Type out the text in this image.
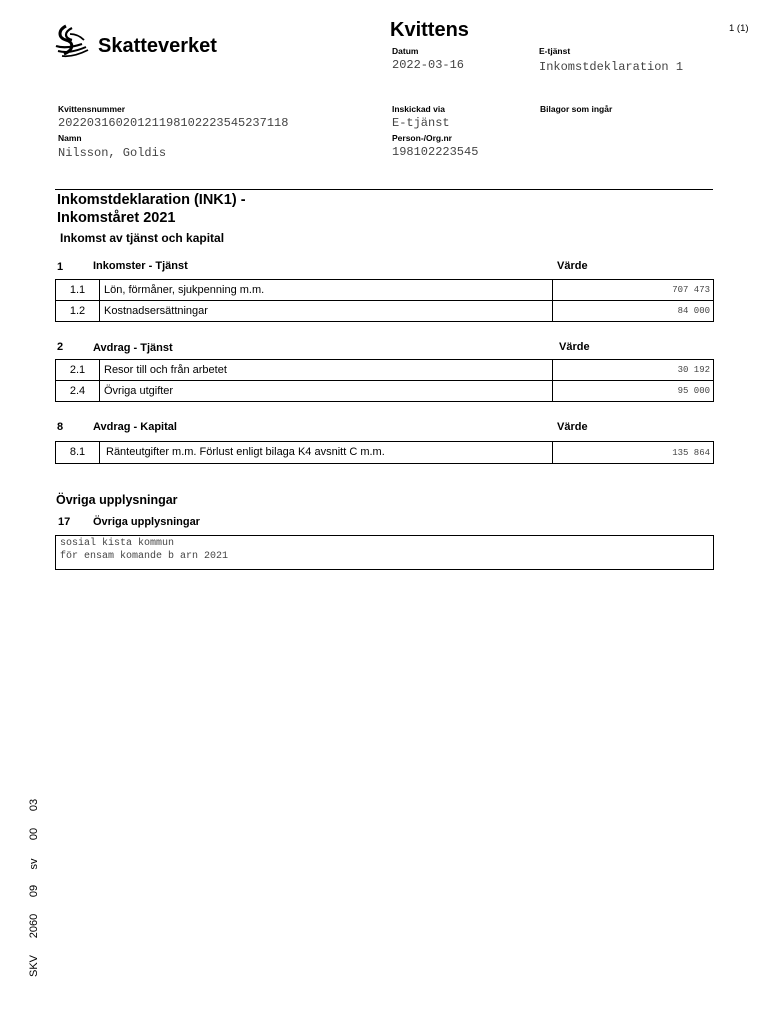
Skatteverket
Kvittens	1 (1)
Datum
2022-03-16
E-tjänst
Inkomstdeklaration 1
Kvittensnummer
20220316020121198102223545237118
Namn
Nilsson, Goldis
Inskickad via
E-tjänst
Person-/Org.nr
198102223545
Bilagor som ingår
Inkomstdeklaration (INK1) -
Inkomståret 2021
Inkomst av tjänst och kapital
1	Inkomster - Tjänst	Värde
1.1	Lön, förmåner, sjukpenning m.m.	707 473
1.2	Kostnadsersättningar	84 000
2	Avdrag - Tjänst	Värde
2.1	Resor till och från arbetet	30 192
2.4	Övriga utgifter	95 000
8	Avdrag - Kapital	Värde
8.1	Ränteutgifter m.m. Förlust enligt bilaga K4 avsnitt C m.m.	135 864
Övriga upplysningar
17 Övriga upplysningar
sosial kista kommun
för ensam komande b arn 2021
SKV
2060
09
sv
00
03
